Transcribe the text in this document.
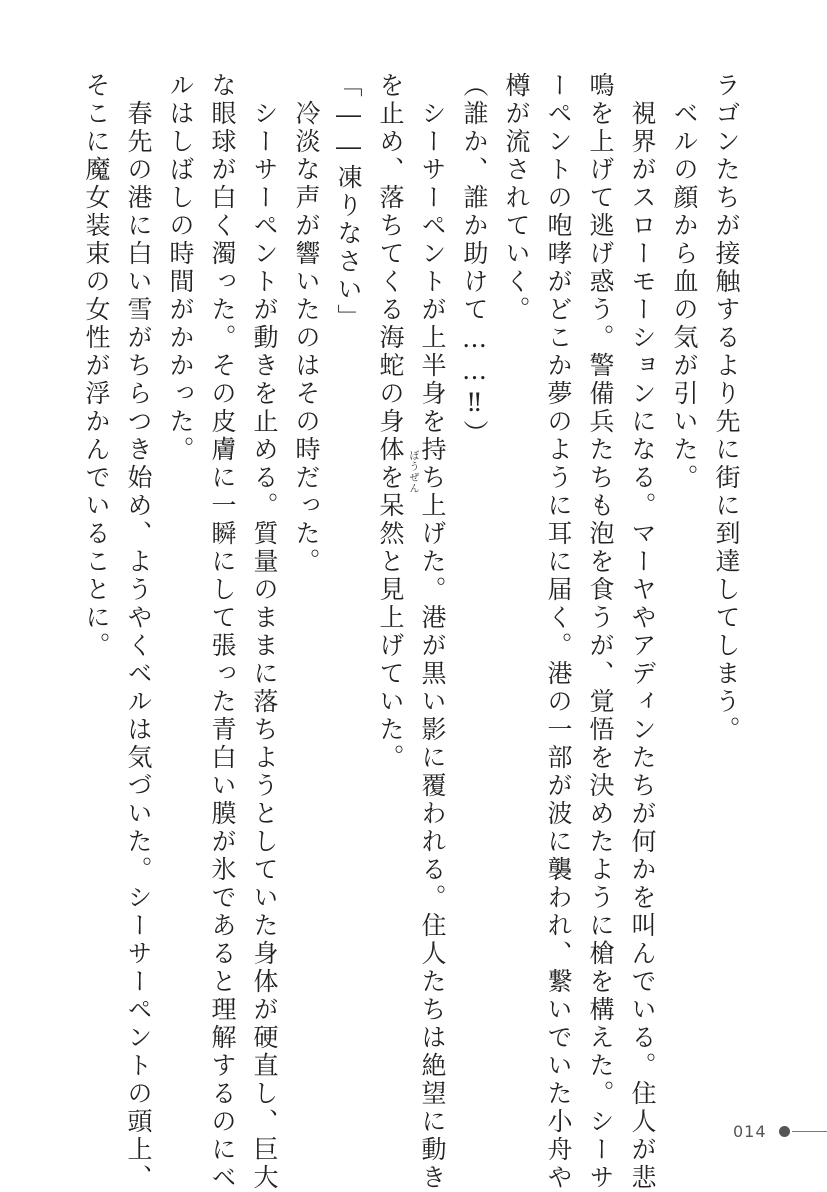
ラゴンたちが接触するより先に街に到達してしまう。
　ベルの顔から血の気が引いた。
　視界がスローモーションになる。マーヤやアディンたちが何かを叫んでいる。住人が悲
鳴を上げて逃げ惑う。警備兵たちも泡を食うが、覚悟を決めたように槍を構えた。シーサ
ーペントの咆哮がどこか夢のように耳に届く。港の一部が波に襲われ、繋いでいた小舟や
樽が流されていく。
（誰か、誰か助けて……‼）
　シーサーペントが上半身を持ち上げた。港が黒い影に覆われる。住人たちは絶望に動き
を止め、落ちてくる海蛇の身体を呆然と見上げていた。 ぼうぜん
「――凍りなさい」
　冷淡な声が響いたのはその時だった。
　シーサーペントが動きを止める。質量のままに落ちようとしていた身体が硬直し、巨大
な眼球が白く濁った。その皮膚に一瞬にして張った青白い膜が氷であると理解するのにベ
ルはしばしの時間がかかった。
　春先の港に白い雪がちらつき始め、ようやくベルは気づいた。シーサーペントの頭上、
そこに魔女装束の女性が浮かんでいることに。
014
